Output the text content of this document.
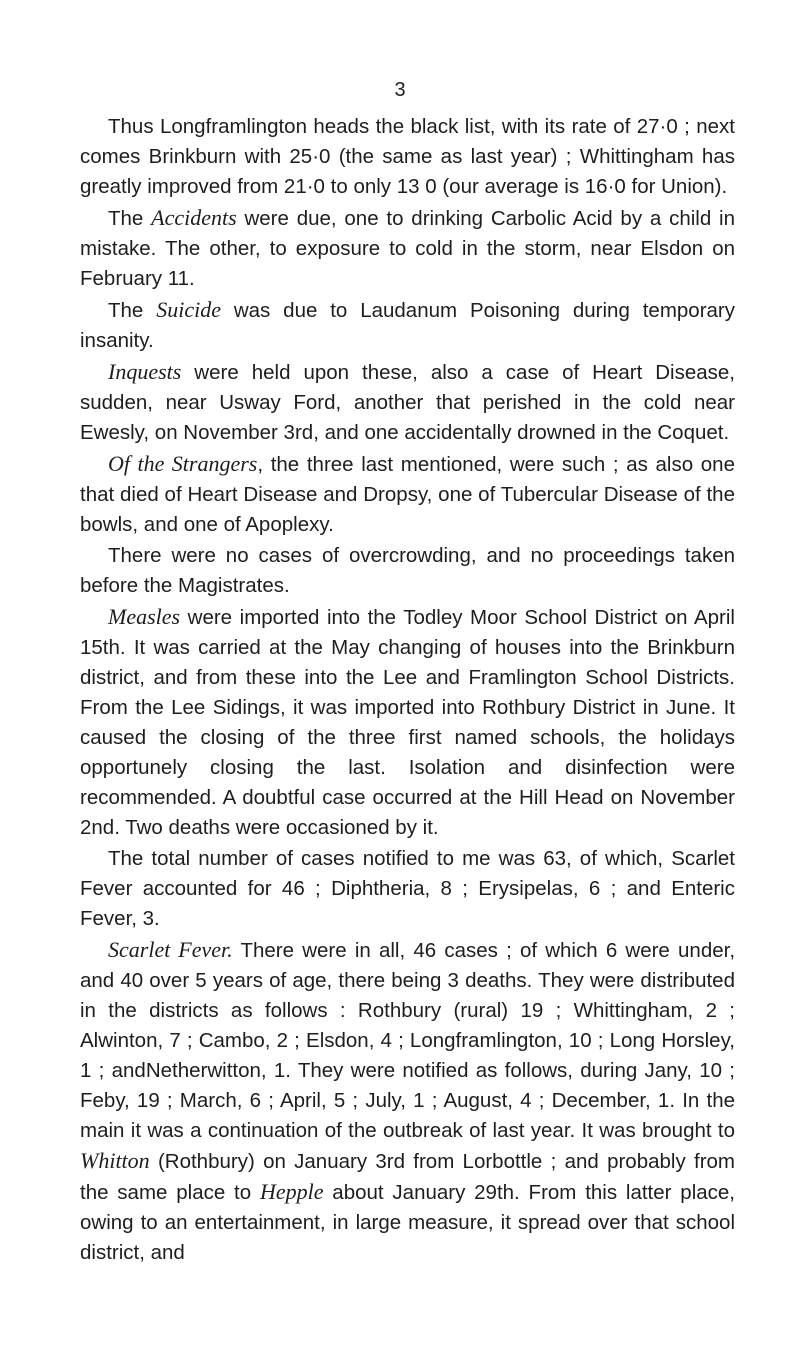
3

Thus Longframlington heads the black list, with its rate of 27·0 ; next comes Brinkburn with 25·0 (the same as last year) ; Whittingham has greatly improved from 21·0 to only 13 0 (our average is 16·0 for Union).

The Accidents were due, one to drinking Carbolic Acid by a child in mistake. The other, to exposure to cold in the storm, near Elsdon on February 11.

The Suicide was due to Laudanum Poisoning during temporary insanity.

Inquests were held upon these, also a case of Heart Disease, sudden, near Usway Ford, another that perished in the cold near Ewesly, on November 3rd, and one accidentally drowned in the Coquet.

Of the Strangers, the three last mentioned, were such ; as also one that died of Heart Disease and Dropsy, one of Tubercular Disease of the bowls, and one of Apoplexy.

There were no cases of overcrowding, and no proceedings taken before the Magistrates.

Measles were imported into the Todley Moor School District on April 15th. It was carried at the May changing of houses into the Brinkburn district, and from these into the Lee and Framlington School Districts. From the Lee Sidings, it was imported into Rothbury District in June. It caused the closing of the three first named schools, the holidays opportunely closing the last. Isolation and disinfection were recommended. A doubtful case occurred at the Hill Head on November 2nd. Two deaths were occasioned by it.

The total number of cases notified to me was 63, of which, Scarlet Fever accounted for 46 ; Diphtheria, 8 ; Erysipelas, 6 ; and Enteric Fever, 3.

Scarlet Fever. There were in all, 46 cases ; of which 6 were under, and 40 over 5 years of age, there being 3 deaths. They were distributed in the districts as follows : Rothbury (rural) 19 ; Whittingham, 2 ; Alwinton, 7 ; Cambo, 2 ; Elsdon, 4 ; Longframlington, 10 ; Long Horsley, 1 ; andNetherwitton, 1. They were notified as follows, during Jany, 10 ; Feby, 19 ; March, 6 ; April, 5 ; July, 1 ; August, 4 ; December, 1. In the main it was a continuation of the outbreak of last year. It was brought to Whitton (Rothbury) on January 3rd from Lorbottle ; and probably from the same place to Hepple about January 29th. From this latter place, owing to an entertainment, in large measure, it spread over that school district, and
